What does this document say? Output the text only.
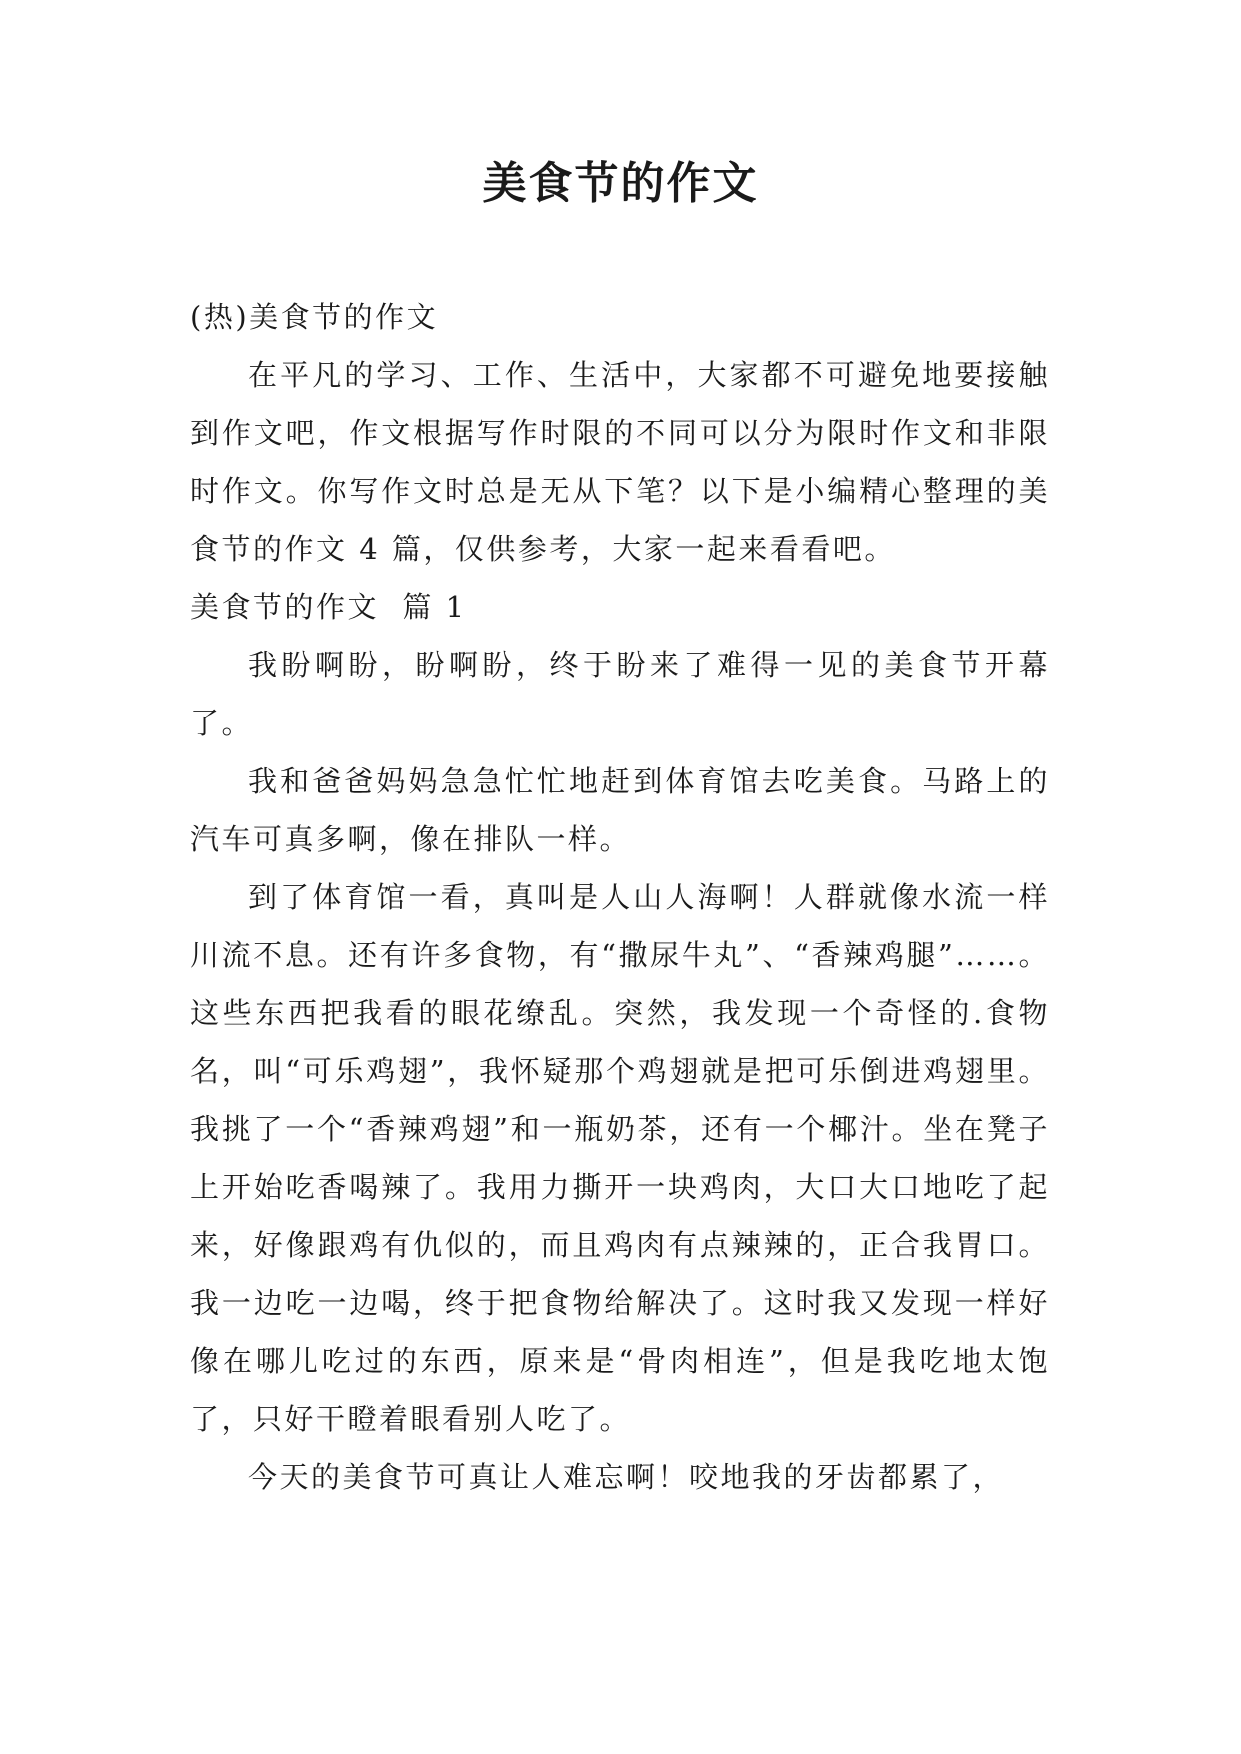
美食节的作文

(热)美食节的作文

在平凡的学习、工作、生活中，大家都不可避免地要接触到作文吧，作文根据写作时限的不同可以分为限时作文和非限时作文。你写作文时总是无从下笔？以下是小编精心整理的美食节的作文 4 篇，仅供参考，大家一起来看看吧。

美食节的作文  篇 1

我盼啊盼，盼啊盼，终于盼来了难得一见的美食节开幕了。

我和爸爸妈妈急急忙忙地赶到体育馆去吃美食。马路上的汽车可真多啊，像在排队一样。

到了体育馆一看，真叫是人山人海啊！人群就像水流一样川流不息。还有许多食物，有“撒尿牛丸”、“香辣鸡腿”……。这些东西把我看的眼花缭乱。突然，我发现一个奇怪的.食物名，叫“可乐鸡翅”，我怀疑那个鸡翅就是把可乐倒进鸡翅里。我挑了一个“香辣鸡翅”和一瓶奶茶，还有一个椰汁。坐在凳子上开始吃香喝辣了。我用力撕开一块鸡肉，大口大口地吃了起来，好像跟鸡有仇似的，而且鸡肉有点辣辣的，正合我胃口。我一边吃一边喝，终于把食物给解决了。这时我又发现一样好像在哪儿吃过的东西，原来是“骨肉相连”，但是我吃地太饱了，只好干瞪着眼看别人吃了。

今天的美食节可真让人难忘啊！咬地我的牙齿都累了，
